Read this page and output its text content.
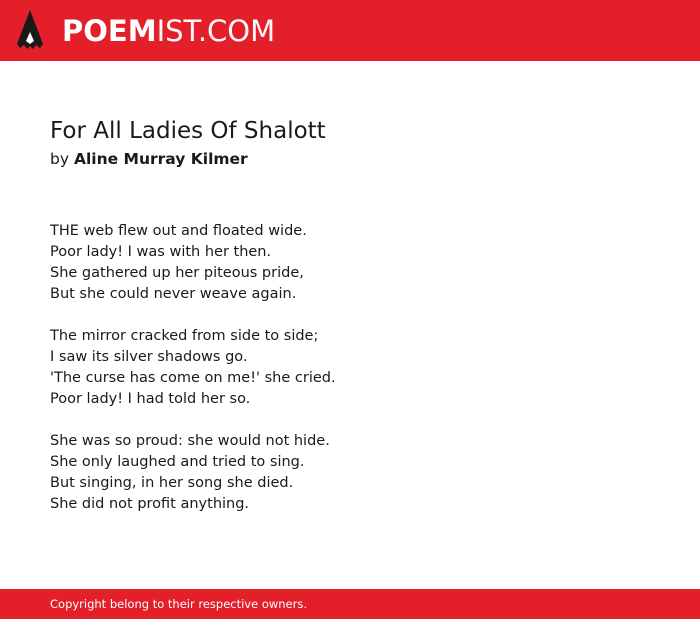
POEMIST.COM
For All Ladies Of Shalott
by Aline Murray Kilmer
THE web flew out and floated wide.
Poor lady! I was with her then.
She gathered up her piteous pride,
But she could never weave again.
The mirror cracked from side to side;
I saw its silver shadows go.
'The curse has come on me!' she cried.
Poor lady! I had told her so.
She was so proud: she would not hide.
She only laughed and tried to sing.
But singing, in her song she died.
She did not profit anything.
Copyright belong to their respective owners.
